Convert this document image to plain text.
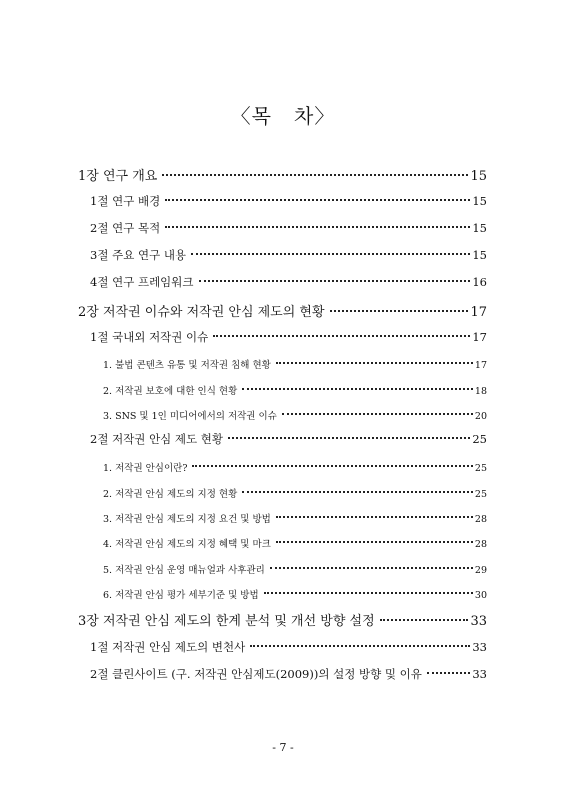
〈목   차〉
1장 연구 개요	15
1절 연구 배경	15
2절 연구 목적	15
3절 주요 연구 내용	15
4절 연구 프레임워크	16
2장 저작권 이슈와 저작권 안심 제도의 현황	17
1절 국내외 저작권 이슈	17
1. 불법 콘텐츠 유통 및 저작권 침해 현황	17
2. 저작권 보호에 대한 인식 현황	18
3. SNS 및 1인 미디어에서의 저작권 이슈	20
2절 저작권 안심 제도 현황	25
1. 저작권 안심이란?	25
2. 저작권 안심 제도의 지정 현황	25
3. 저작권 안심 제도의 지정 요건 및 방법	28
4. 저작권 안심 제도의 지정 혜택 및 마크	28
5. 저작권 안심 운영 매뉴얼과 사후관리	29
6. 저작권 안심 평가 세부기준 및 방법	30
3장 저작권 안심 제도의 한계 분석 및 개선 방향 설정	33
1절 저작권 안심 제도의 변천사	33
2절 클린사이트 (구. 저작권 안심제도(2009))의 설정 방향 및 이유	33
- 7 -
